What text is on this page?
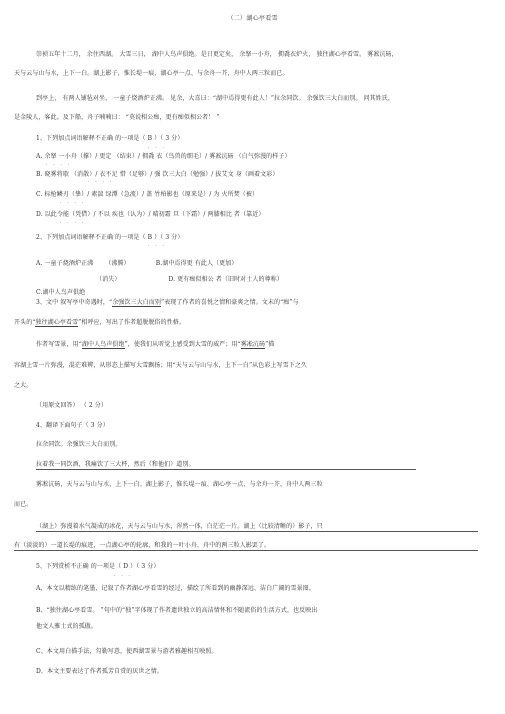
（二）湖心亭看雪
崇祯五年十二月， 余住西湖。 大雪三日， 湖中人鸟声俱绝。是日更定矣， 余拏一小舟， 拥毳衣炉火， 独往湖心亭看雪。 雾凇沆砀，
天与云与山与水，上下一白。湖上影子，惟长堤一痕、湖心亭一点、与余舟一芥，舟中人两三粒而已。
到亭上， 有两人铺毡对坐， 一童子烧酒炉正沸。 见余，大喜曰：“湖中焉得更有此人！”拉余同饮。 余强饮三大白而别。 问其姓氏，
是金陵人，客此。及下船，舟子喃喃曰： “莫说相公痴，更有痴似相公者！ ”
1、下列加点词语解释不正确 的一项是（ B ）（ 3 分）
· · ·
A. 余拏 一小舟（撑）/ 更定 （结束）/ 拥毳 衣（鸟兽的细毛）/ 雾凇沆砀 （白气弥漫的样子）
· · · ·
B. 晓雾将歇 （消散）/ 衣不足 惜（足够）/ 强 饮三大白（勉强）/ 拔艾文 身（画着文彩）
· · · ·
C. 标枪鳞刃（挚）/ 素湍 绿潭（急流）/ 盖 竹柏影也（原来是）/ 为 火所焚（被）
· · · ·
D. 以此令能（凭借）/ 不以 疾也（认为）/ 晴初霜 旦（下霜）/ 两膝相比 者（靠近）
· · · ·
2、下列加点词语解释不正确 的一项是（ B ）（ 3 分）
· · ·
A. 一童子烧酒炉正沸 （沸腾）	B.湖中焉得更 有此人（更加）
（消失）	D. 更有痴似相公 者（旧时对士人的尊称）
C.湖中人鸟声俱绝
3、文中 叙写亭中奇遇时，“余强饮三大白而别”表现了作者的喜悦之情和豪爽之情。文末的“痴”与
开头的“独往湖心亭看雪”相呼应，写出了作者超脱脱俗的性格。
作者写雪景，用“湖中人鸟声俱绝”，使我们从听觉上感受到大雪的威严；用“雾凇沆砀”描
容湖上雪一片弥漫，混茫难辨，从形态上描写大雪飘扬；用“天与云与山与水，上下一白”从色彩上写雪下之久
之大。
（用原文回答） （ 2 分）
4、翻译下面句子（ 3 分）
拉余同饮。余强饮三大白而别。
拉着我一同饮酒，我痛饮了三大杯，然后（和他们）道别。
雾凇沆砀，天与云与山与水，上下一白。湖上影子，惟长堤一痕、湖心亭一点、与余舟一芥，舟中人两三粒
而已。
（湖上）弥漫着水气凝成的冰花，天与云与山与水，浑然一体，白茫茫一片。湖上（比较清晰的）影子，只
有（淡淡的）一道长堤的痕迹，一点湖心亭的轮廓，和我的一叶小舟，舟中的两三粒人影罢了。
5、下列赏析不正确 的一项是（ D ）（ 3 分）
· · ·
A、本文以精练的笔墨，记叙了作者湖心亭看雪的经过，描绘了所看到的幽静深远、洁白广阔的雪景图。
B、“独往湖心亭看雪。 ”句中的“独”字体现了作者遗世独立的高洁情怀和不随流俗的生活方式，也反映出
他文人雅士式的孤傲。
C、本文用白描手法，勾勒写意，使西湖雪景与游者雅趣相互映照。
D、本文主要表达了作者孤芳自赏的厌世之情。
